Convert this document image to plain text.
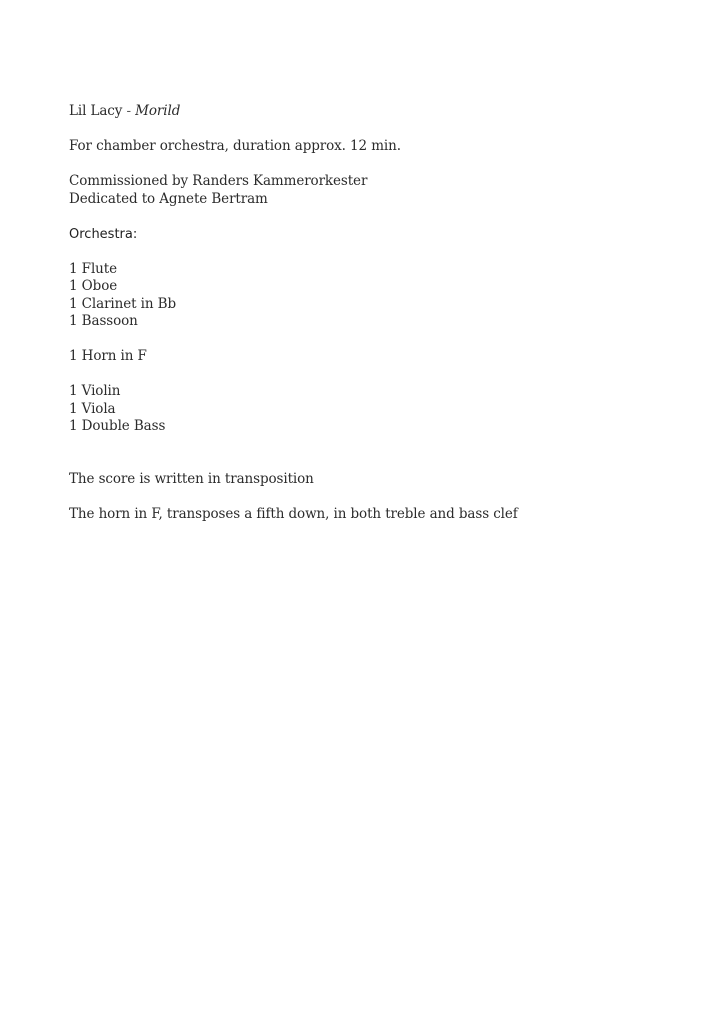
Lil Lacy - Morild

For chamber orchestra, duration approx. 12 min.

Commissioned by Randers Kammerorkester
Dedicated to Agnete Bertram
Orchestra:
1 Flute
1 Oboe
1 Clarinet in Bb
1 Bassoon
1 Horn in F
1 Violin
1 Viola
1 Double Bass

The score is written in transposition

The horn in F, transposes a fifth down, in both treble and bass clef
